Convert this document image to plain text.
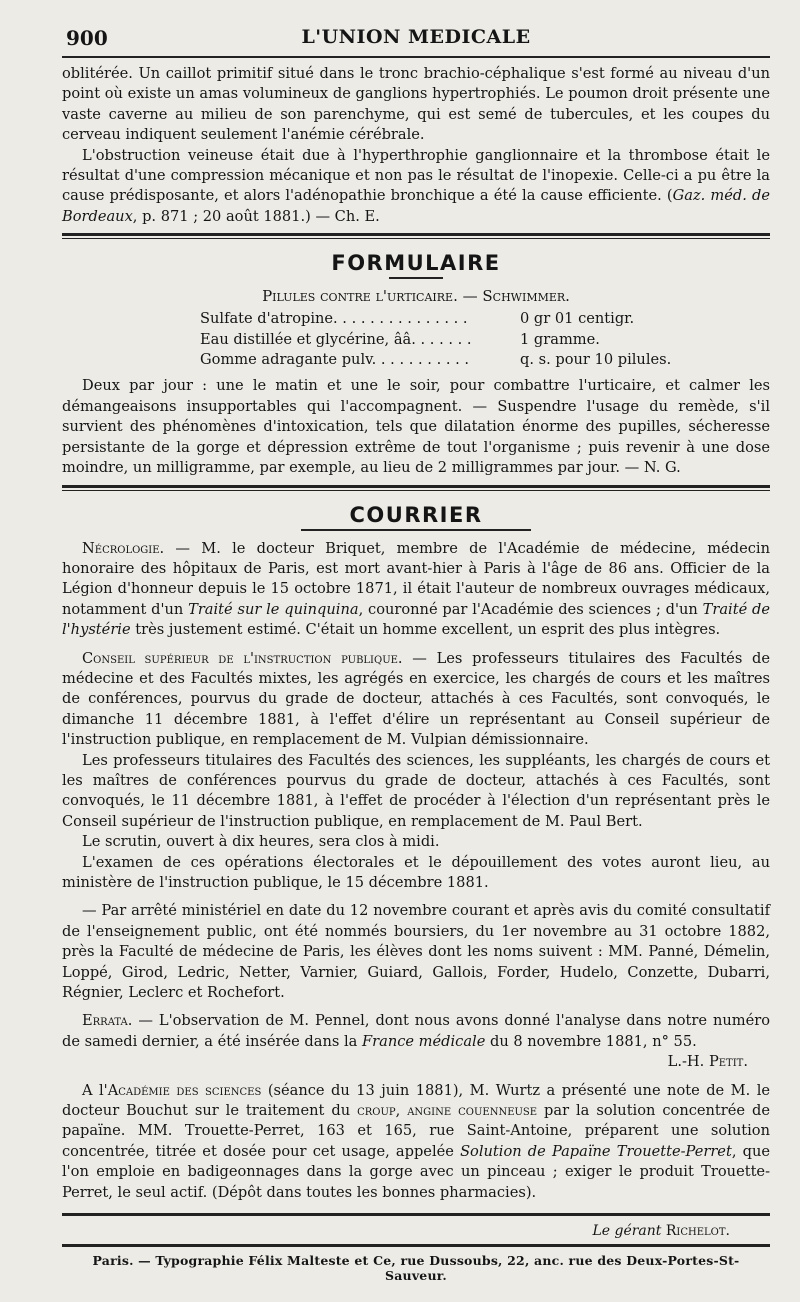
900	L'UNION MEDICALE

oblitérée. Un caillot primitif situé dans le tronc brachio-céphalique s'est formé au niveau d'un point où existe un amas volumineux de ganglions hypertrophiés. Le poumon droit présente une vaste caverne au milieu de son parenchyme, qui est semé de tubercules, et les coupes du cerveau indiquent seulement l'anémie cérébrale.

L'obstruction veineuse était due à l'hyperthrophie ganglionnaire et la thrombose était le résultat d'une compression mécanique et non pas le résultat de l'inopexie. Celle-ci a pu être la cause prédisposante, et alors l'adénopathie bronchique a été la cause efficiente. (Gaz. méd. de Bordeaux, p. 871 ; 20 août 1881.) — Ch. E.

FORMULAIRE
Pilules contre l'urticaire. — Schwimmer.
Sulfate d'atropine. . . . . . . . . . . . . . .	0 gr 01 centigr.
Eau distillée et glycérine, ââ. . . . . . .	1 gramme.
Gomme adragante pulv. . . . . . . . . . .	q. s. pour 10 pilules.

Deux par jour : une le matin et une le soir, pour combattre l'urticaire, et calmer les démangeaisons insupportables qui l'accompagnent. — Suspendre l'usage du remède, s'il survient des phénomènes d'intoxication, tels que dilatation énorme des pupilles, sécheresse persistante de la gorge et dépression extrême de tout l'organisme ; puis revenir à une dose moindre, un milligramme, par exemple, au lieu de 2 milligrammes par jour. — N. G.

COURRIER

Nécrologie. — M. le docteur Briquet, membre de l'Académie de médecine, médecin honoraire des hôpitaux de Paris, est mort avant-hier à Paris à l'âge de 86 ans. Officier de la Légion d'honneur depuis le 15 octobre 1871, il était l'auteur de nombreux ouvrages médicaux, notamment d'un Traité sur le quinquina, couronné par l'Académie des sciences ; d'un Traité de l'hystérie très justement estimé. C'était un homme excellent, un esprit des plus intègres.

Conseil supérieur de l'instruction publique. — Les professeurs titulaires des Facultés de médecine et des Facultés mixtes, les agrégés en exercice, les chargés de cours et les maîtres de conférences, pourvus du grade de docteur, attachés à ces Facultés, sont convoqués, le dimanche 11 décembre 1881, à l'effet d'élire un représentant au Conseil supérieur de l'instruction publique, en remplacement de M. Vulpian démissionnaire.

Les professeurs titulaires des Facultés des sciences, les suppléants, les chargés de cours et les maîtres de conférences pourvus du grade de docteur, attachés à ces Facultés, sont convoqués, le 11 décembre 1881, à l'effet de procéder à l'élection d'un représentant près le Conseil supérieur de l'instruction publique, en remplacement de M. Paul Bert.

Le scrutin, ouvert à dix heures, sera clos à midi.

L'examen de ces opérations électorales et le dépouillement des votes auront lieu, au ministère de l'instruction publique, le 15 décembre 1881.

— Par arrêté ministériel en date du 12 novembre courant et après avis du comité consultatif de l'enseignement public, ont été nommés boursiers, du 1er novembre au 31 octobre 1882, près la Faculté de médecine de Paris, les élèves dont les noms suivent : MM. Panné, Démelin, Loppé, Girod, Ledric, Netter, Varnier, Guiard, Gallois, Forder, Hudelo, Conzette, Dubarri, Régnier, Leclerc et Rochefort.

Errata. — L'observation de M. Pennel, dont nous avons donné l'analyse dans notre numéro de samedi dernier, a été insérée dans la France médicale du 8 novembre 1881, n° 55.

L.-H. Petit.

A l'Académie des sciences (séance du 13 juin 1881), M. Wurtz a présenté une note de M. le docteur Bouchut sur le traitement du croup, angine couenneuse par la solution concentrée de papaïne. MM. Trouette-Perret, 163 et 165, rue Saint-Antoine, préparent une solution concentrée, titrée et dosée pour cet usage, appelée Solution de Papaïne Trouette-Perret, que l'on emploie en badigeonnages dans la gorge avec un pinceau ; exiger le produit Trouette-Perret, le seul actif. (Dépôt dans toutes les bonnes pharmacies).

Le gérant Richelot.
Paris. — Typographie Félix Malteste et Ce, rue Dussoubs, 22, anc. rue des Deux-Portes-St-Sauveur.
